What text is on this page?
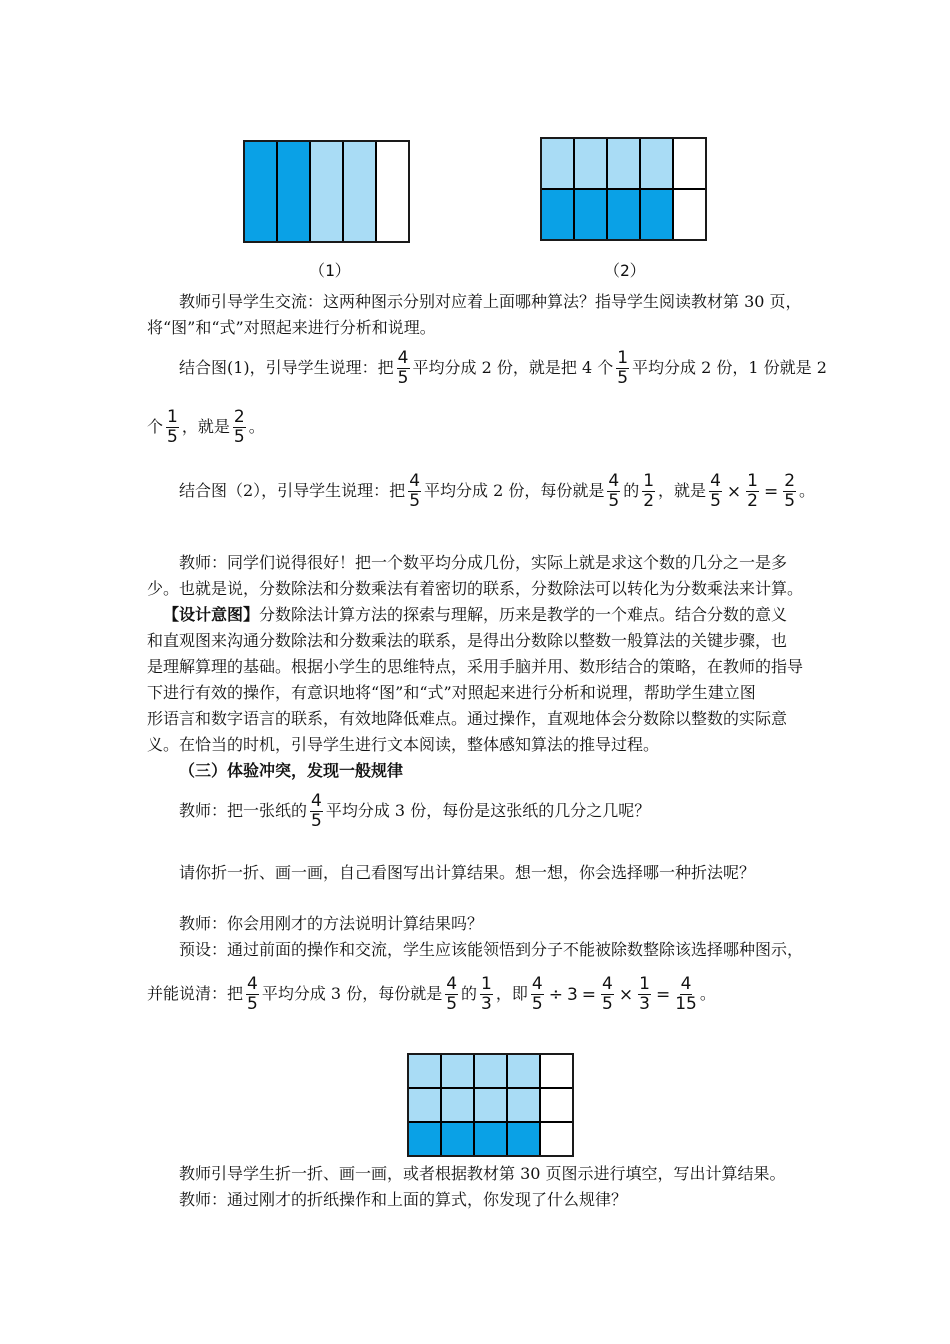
（1）	（2）
教师引导学生交流：这两种图示分别对应着上面哪种算法？指导学生阅读教材第 30 页，
将“图”和“式”对照起来进行分析和说理。
结合图(1)，引导学生说理：把 $\frac{4}{5}$ 平均分成 2 份，就是把 4 个 $\frac{1}{5}$ 平均分成 2 份，1 份就是 2
个 $\frac{1}{5}$ ，就是 $\frac{2}{5}$ 。
结合图（2），引导学生说理：把 $\frac{4}{5}$ 平均分成 2 份，每份就是 $\frac{4}{5}$ 的 $\frac{1}{2}$ ，就是 $\frac{4}{5} \times \frac{1}{2} = \frac{2}{5}$ 。
教师：同学们说得很好！把一个数平均分成几份，实际上就是求这个数的几分之一是多
少。也就是说，分数除法和分数乘法有着密切的联系，分数除法可以转化为分数乘法来计算。
【设计意图】分数除法计算方法的探索与理解，历来是教学的一个难点。结合分数的意义
和直观图来沟通分数除法和分数乘法的联系，是得出分数除以整数一般算法的关键步骤，也
是理解算理的基础。根据小学生的思维特点，采用手脑并用、数形结合的策略，在教师的指导
下进行有效的操作，有意识地将“图”和“式”对照起来进行分析和说理，帮助学生建立图
形语言和数字语言的联系，有效地降低难点。通过操作，直观地体会分数除以整数的实际意
义。在恰当的时机，引导学生进行文本阅读，整体感知算法的推导过程。
（三）体验冲突，发现一般规律
教师：把一张纸的 $\frac{4}{5}$ 平均分成 3 份，每份是这张纸的几分之几呢？
请你折一折、画一画，自己看图写出计算结果。想一想，你会选择哪一种折法呢？
教师：你会用刚才的方法说明计算结果吗？
预设：通过前面的操作和交流，学生应该能领悟到分子不能被除数整除该选择哪种图示，
并能说清：把 $\frac{4}{5}$ 平均分成 3 份，每份就是 $\frac{4}{5}$ 的 $\frac{1}{3}$ ，即 $\frac{4}{5} \div 3 = \frac{4}{5} \times \frac{1}{3} = \frac{4}{15}$ 。
教师引导学生折一折、画一画，或者根据教材第 30 页图示进行填空，写出计算结果。
教师：通过刚才的折纸操作和上面的算式，你发现了什么规律？
